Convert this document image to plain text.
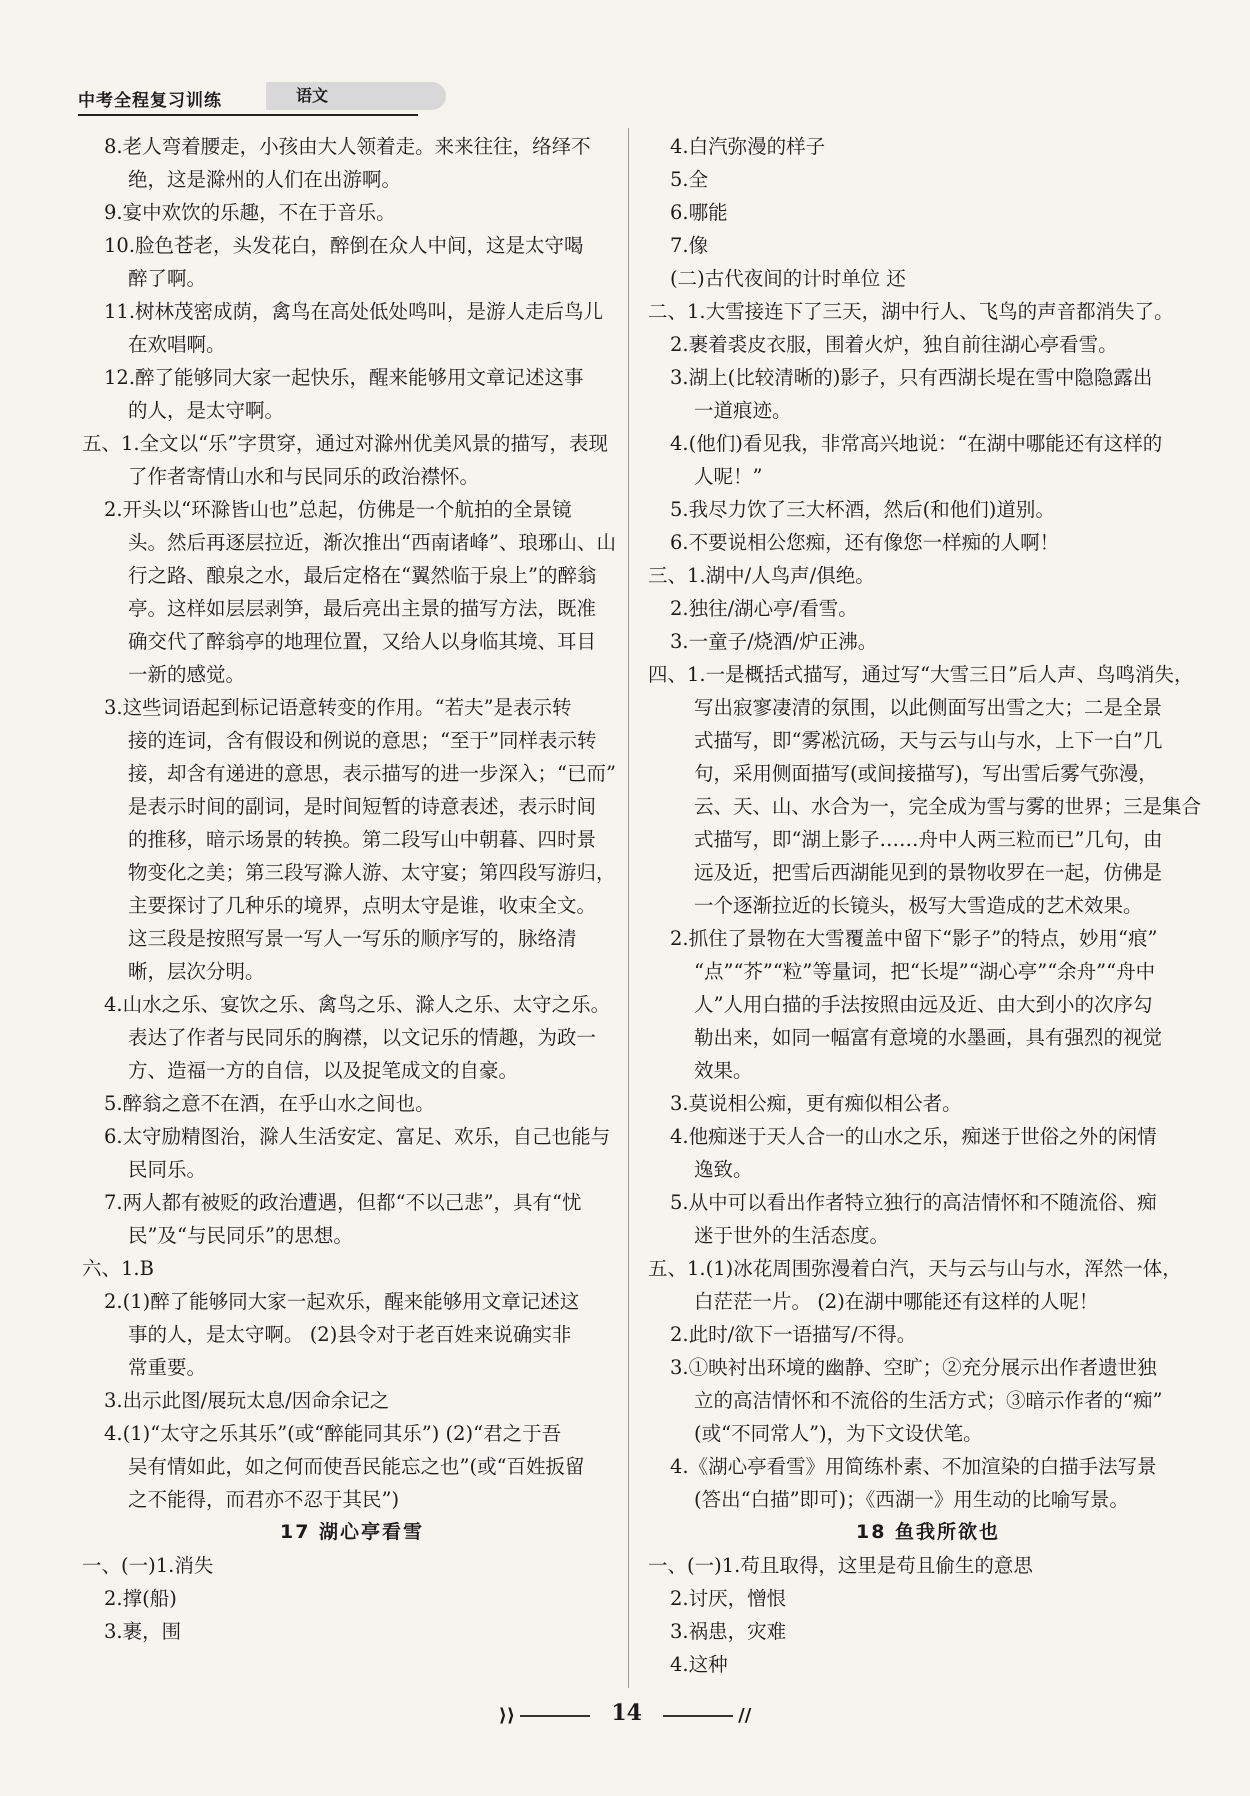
中考全程复习训练	语文
8.老人弯着腰走，小孩由大人领着走。来来往往，络绎不
绝，这是滁州的人们在出游啊。
9.宴中欢饮的乐趣，不在于音乐。
10.脸色苍老，头发花白，醉倒在众人中间，这是太守喝
醉了啊。
11.树林茂密成荫，禽鸟在高处低处鸣叫，是游人走后鸟儿
在欢唱啊。
12.醉了能够同大家一起快乐，醒来能够用文章记述这事
的人，是太守啊。
五、1.全文以“乐”字贯穿，通过对滁州优美风景的描写，表现
了作者寄情山水和与民同乐的政治襟怀。
2.开头以“环滁皆山也”总起，仿佛是一个航拍的全景镜
头。然后再逐层拉近，渐次推出“西南诸峰”、琅琊山、山
行之路、酿泉之水，最后定格在“翼然临于泉上”的醉翁
亭。这样如层层剥笋，最后亮出主景的描写方法，既准
确交代了醉翁亭的地理位置，又给人以身临其境、耳目
一新的感觉。
3.这些词语起到标记语意转变的作用。“若夫”是表示转
接的连词，含有假设和例说的意思；“至于”同样表示转
接，却含有递进的意思，表示描写的进一步深入；“已而”
是表示时间的副词，是时间短暂的诗意表述，表示时间
的推移，暗示场景的转换。第二段写山中朝暮、四时景
物变化之美；第三段写滁人游、太守宴；第四段写游归，
主要探讨了几种乐的境界，点明太守是谁，收束全文。
这三段是按照写景一写人一写乐的顺序写的，脉络清
晰，层次分明。
4.山水之乐、宴饮之乐、禽鸟之乐、滁人之乐、太守之乐。
表达了作者与民同乐的胸襟，以文记乐的情趣，为政一
方、造福一方的自信，以及捉笔成文的自豪。
5.醉翁之意不在酒，在乎山水之间也。
6.太守励精图治，滁人生活安定、富足、欢乐，自己也能与
民同乐。
7.两人都有被贬的政治遭遇，但都“不以己悲”，具有“忧
民”及“与民同乐”的思想。
六、1.B
2.(1)醉了能够同大家一起欢乐，醒来能够用文章记述这
事的人，是太守啊。 (2)县令对于老百姓来说确实非
常重要。
3.出示此图/展玩太息/因命余记之
4.(1)“太守之乐其乐”(或“醉能同其乐”) (2)“君之于吾
吴有情如此，如之何而使吾民能忘之也”(或“百姓扳留
之不能得，而君亦不忍于其民”)
17 湖心亭看雪
一、(一)1.消失
2.撑(船)
3.裹，围
4.白汽弥漫的样子
5.全
6.哪能
7.像
(二)古代夜间的计时单位 还
二、1.大雪接连下了三天，湖中行人、飞鸟的声音都消失了。
2.裹着裘皮衣服，围着火炉，独自前往湖心亭看雪。
3.湖上(比较清晰的)影子，只有西湖长堤在雪中隐隐露出
一道痕迹。
4.(他们)看见我，非常高兴地说：“在湖中哪能还有这样的
人呢！”
5.我尽力饮了三大杯酒，然后(和他们)道别。
6.不要说相公您痴，还有像您一样痴的人啊！
三、1.湖中/人鸟声/俱绝。
2.独往/湖心亭/看雪。
3.一童子/烧酒/炉正沸。
四、1.一是概括式描写，通过写“大雪三日”后人声、鸟鸣消失，
写出寂寥凄清的氛围，以此侧面写出雪之大；二是全景
式描写，即“雾凇沆砀，天与云与山与水，上下一白”几
句，采用侧面描写(或间接描写)，写出雪后雾气弥漫，
云、天、山、水合为一，完全成为雪与雾的世界；三是集合
式描写，即“湖上影子……舟中人两三粒而已”几句，由
远及近，把雪后西湖能见到的景物收罗在一起，仿佛是
一个逐渐拉近的长镜头，极写大雪造成的艺术效果。
2.抓住了景物在大雪覆盖中留下“影子”的特点，妙用“痕”
“点”“芥”“粒”等量词，把“长堤”“湖心亭”“余舟”“舟中
人”人用白描的手法按照由远及近、由大到小的次序勾
勒出来，如同一幅富有意境的水墨画，具有强烈的视觉
效果。
3.莫说相公痴，更有痴似相公者。
4.他痴迷于天人合一的山水之乐，痴迷于世俗之外的闲情
逸致。
5.从中可以看出作者特立独行的高洁情怀和不随流俗、痴
迷于世外的生活态度。
五、1.(1)冰花周围弥漫着白汽，天与云与山与水，浑然一体，
白茫茫一片。 (2)在湖中哪能还有这样的人呢！
2.此时/欲下一语描写/不得。
3.①映衬出环境的幽静、空旷；②充分展示出作者遗世独
立的高洁情怀和不流俗的生活方式；③暗示作者的“痴”
(或“不同常人”)，为下文设伏笔。
4.《湖心亭看雪》用简练朴素、不加渲染的白描手法写景
(答出“白描”即可)；《西湖一》用生动的比喻写景。
18 鱼我所欲也
一、(一)1.苟且取得，这里是苟且偷生的意思
2.讨厌，憎恨
3.祸患，灾难
4.这种
⟩⟩	14	//
